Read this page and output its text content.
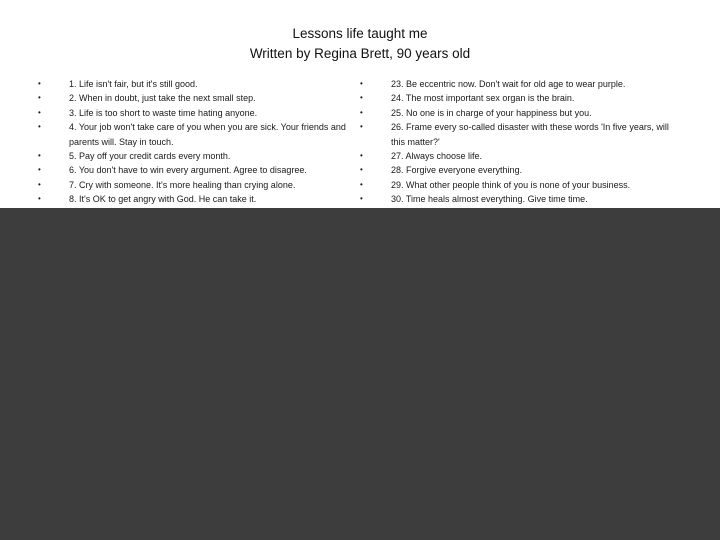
Lessons life taught me
Written by Regina Brett, 90 years old
•	1. Life isn't fair, but it's still good.
•	2. When in doubt, just take the next small step.
•	3. Life is too short to waste time hating anyone.
•	4. Your job won't take care of you when you are sick. Your friends and
parents will. Stay in touch.
•	5. Pay off your credit cards every month.
•	6. You don't have to win every argument. Agree to disagree.
•	7. Cry with someone. It's more healing than crying alone.
•	8. It's OK to get angry with God. He can take it.
•	23. Be eccentric now. Don't wait for old age to wear purple.
•	24. The most important sex organ is the brain.
•	25. No one is in charge of your happiness but you.
•	26. Frame every so-called disaster with these words 'In five years, will
this matter?'
•	27. Always choose life.
•	28. Forgive everyone everything.
•	29. What other people think of you is none of your business.
•	30. Time heals almost everything. Give time time.
